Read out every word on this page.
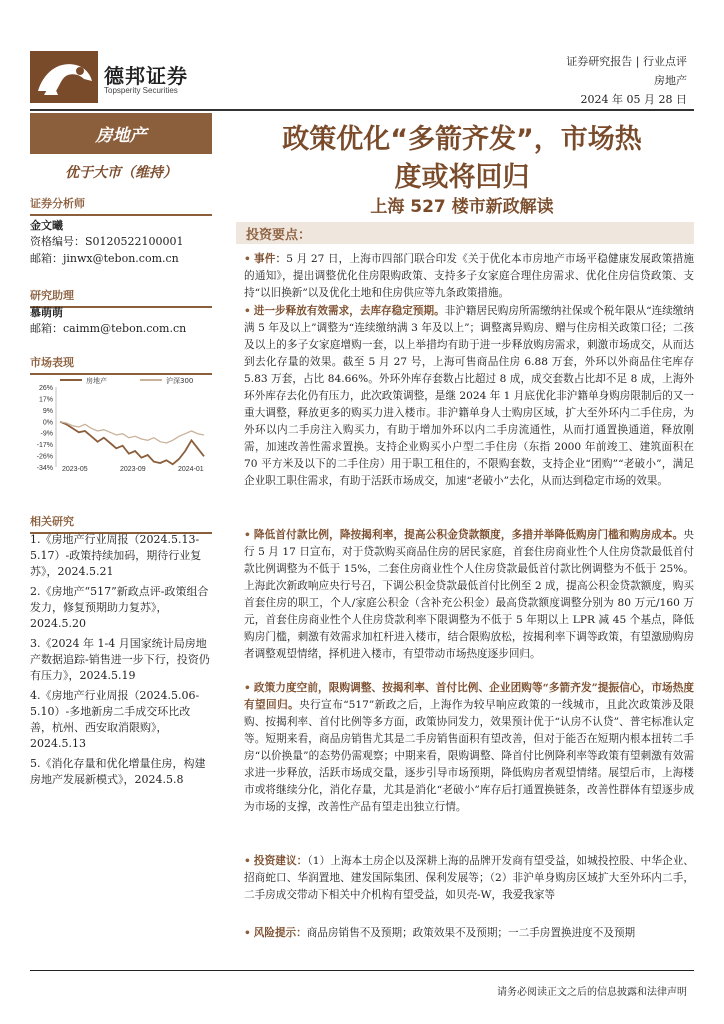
德邦证券
Topsperity Securities
证券研究报告 | 行业点评
房地产
2024 年 05 月 28 日
房地产
优于大市（维持）
证券分析师
金文曦
资格编号：S0120522100001
邮箱：jinwx@tebon.com.cn
研究助理
慕萌萌
邮箱：caimm@tebon.com.cn
市场表现
26%
17%
9%
0%
-9%
-17%
-26%
-34% 2023-05	2023-09	2024-01
房地产	沪深300
相关研究
1.《房地产行业周报（2024.5.13-5.17）-政策持续加码，期待行业复苏》，2024.5.21
2.《房地产“517”新政点评-政策组合发力，修复预期助力复苏》，2024.5.20
3.《2024 年 1-4 月国家统计局房地产数据追踪-销售进一步下行，投资仍有压力》，2024.5.19
4.《房地产行业周报（2024.5.06-5.10）-多地新房二手成交环比改善，杭州、西安取消限购》，2024.5.13
5.《消化存量和优化增量住房，构建房地产发展新模式》，2024.5.8
政策优化“多箭齐发”，市场热
度或将回归
上海 527 楼市新政解读
投资要点：
• 事件：5 月 27 日，上海市四部门联合印发《关于优化本市房地产市场平稳健康发展政策措施的通知》，提出调整优化住房限购政策、支持多子女家庭合理住房需求、优化住房信贷政策、支持“以旧换新”以及优化土地和住房供应等九条政策措施。
• 进一步释放有效需求，去库存稳定预期。非沪籍居民购房所需缴纳社保或个税年限从“连续缴纳满 5 年及以上”调整为“连续缴纳满 3 年及以上”；调整离异购房、赠与住房相关政策口径；二孩及以上的多子女家庭增购一套，以上举措均有助于进一步释放购房需求，刺激市场成交，从而达到去化存量的效果。截至 5 月 27 号，上海可售商品住房 6.88 万套，外环以外商品住宅库存 5.83 万套，占比 84.66%。外环外库存套数占比超过 8 成，成交套数占比却不足 8 成，上海外环外库存去化仍有压力，此次政策调整，是继 2024 年 1 月底优化非沪籍单身购房限制后的又一重大调整，释放更多的购买力进入楼市。非沪籍单身人士购房区域，扩大至外环内二手住房，为外环以内二手房注入购买力，有助于增加外环以内二手房流通性，从而打通置换通道，释放刚需，加速改善性需求置换。支持企业购买小户型二手住房（东指 2000 年前竣工、建筑面积在 70 平方米及以下的二手住房）用于职工租住的，不限购套数，支持企业“团购”“老破小”，满足企业职工职住需求，有助于活跃市场成交，加速“老破小”去化，从而达到稳定市场的效果。
• 降低首付款比例，降按揭利率，提高公积金贷款额度，多措并举降低购房门槛和购房成本。央行 5 月 17 日宣布，对于贷款购买商品住房的居民家庭，首套住房商业性个人住房贷款最低首付款比例调整为不低于 15%，二套住房商业性个人住房贷款最低首付款比例调整为不低于 25%。上海此次新政响应央行号召，下调公积金贷款最低首付比例至 2 成，提高公积金贷款额度，购买首套住房的职工，个人/家庭公积金（含补充公积金）最高贷款额度调整分别为 80 万元/160 万元，首套住房商业性个人住房贷款利率下限调整为不低于 5 年期以上 LPR 减 45 个基点，降低购房门槛，刺激有效需求加杠杆进入楼市，结合限购放松，按揭利率下调等政策，有望激励购房者调整观望情绪，择机进入楼市，有望带动市场热度逐步回归。
• 政策力度空前，限购调整、按揭利率、首付比例、企业团购等“多箭齐发”提振信心，市场热度有望回归。央行宣布“517”新政之后，上海作为较早响应政策的一线城市，且此次政策涉及限购、按揭利率、首付比例等多方面，政策协同发力，效果预计优于“认房不认贷”、普宅标准认定等。短期来看，商品房销售尤其是二手房销售面积有望改善，但对于能否在短期内根本扭转二手房“以价换量”的态势仍需观察；中期来看，限购调整、降首付比例降利率等政策有望刺激有效需求进一步释放，活跃市场成交量，逐步引导市场预期，降低购房者观望情绪。展望后市，上海楼市或将继续分化，消化存量，尤其是消化“老破小”库存后打通置换链条，改善性群体有望逐步成为市场的支撑，改善性产品有望走出独立行情。
• 投资建议：（1）上海本土房企以及深耕上海的品牌开发商有望受益，如城投控股、中华企业、招商蛇口、华润置地、建发国际集团、保利发展等；（2）非沪单身购房区域扩大至外环内二手，二手房成交带动下相关中介机构有望受益，如贝壳-W，我爱我家等
• 风险提示：商品房销售不及预期；政策效果不及预期；一二手房置换进度不及预期
请务必阅读正文之后的信息披露和法律声明
